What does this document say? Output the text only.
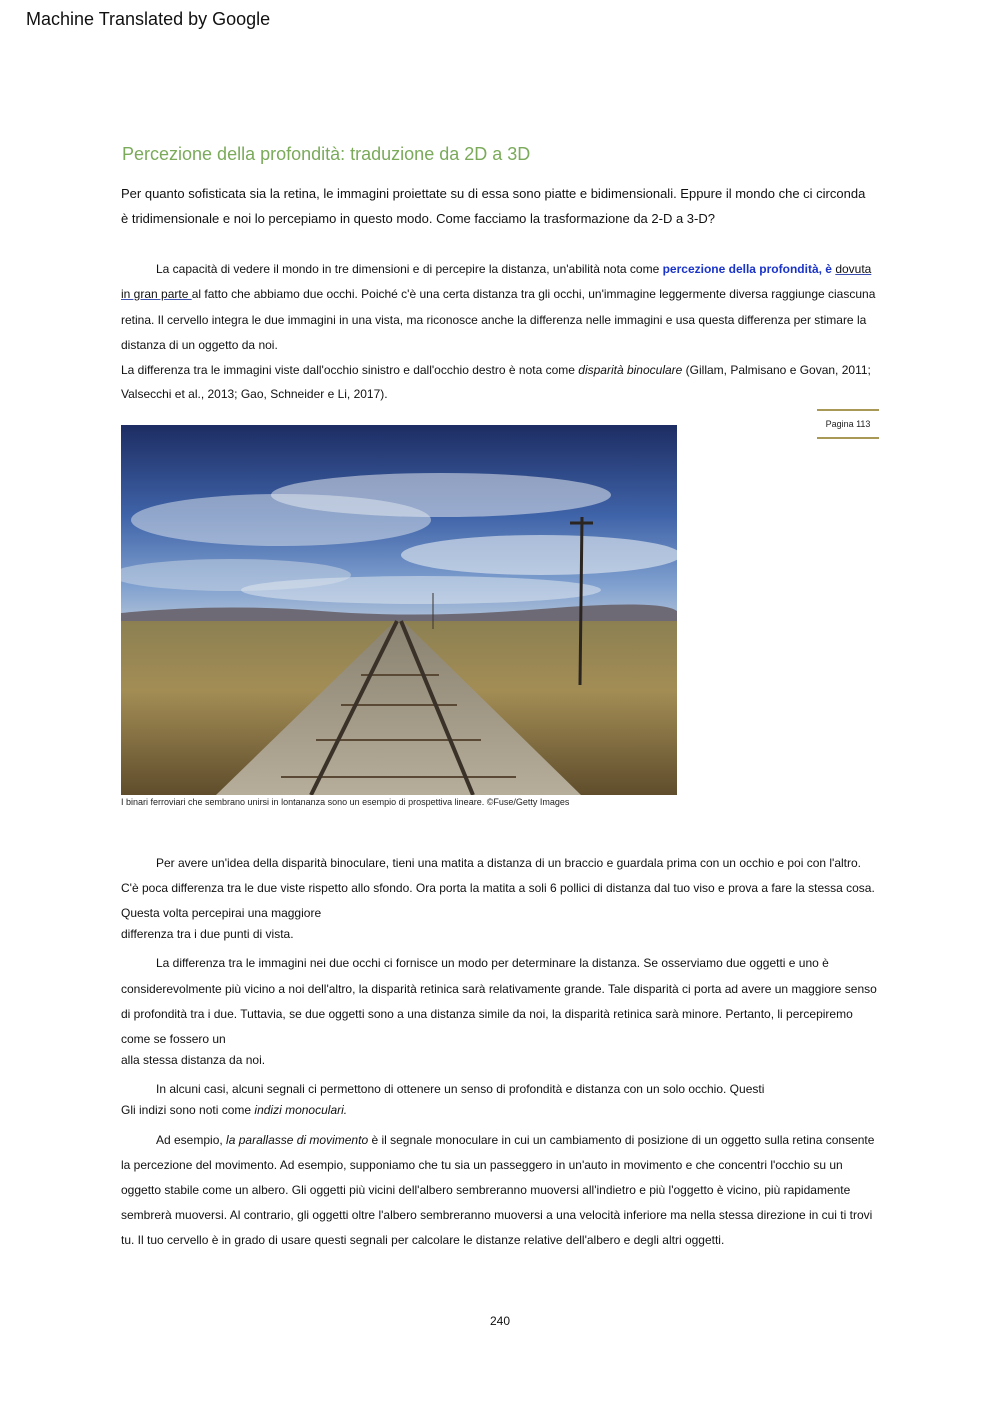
Machine Translated by Google
Percezione della profondità: traduzione da 2D a 3D
Per quanto sofisticata sia la retina, le immagini proiettate su di essa sono piatte e bidimensionali. Eppure il mondo che ci circonda
è tridimensionale e noi lo percepiamo in questo modo. Come facciamo la trasformazione da 2-D a 3-D?
La capacità di vedere il mondo in tre dimensioni e di percepire la distanza, un'abilità nota come percezione della profondità, è dovuta
in gran parte al fatto che abbiamo due occhi. Poiché c'è una certa distanza tra gli occhi, un'immagine leggermente diversa raggiunge ciascuna
retina. Il cervello integra le due immagini in una vista, ma riconosce anche la differenza nelle immagini e usa questa differenza per stimare la
distanza di un oggetto da noi.
La differenza tra le immagini viste dall'occhio sinistro e dall'occhio destro è nota come disparità binoculare (Gillam, Palmisano e Govan, 2011;
Valsecchi et al., 2013; Gao, Schneider e Li, 2017).
Pagina 113
I binari ferroviari che sembrano unirsi in lontananza sono un esempio di prospettiva lineare. ©Fuse/Getty Images
Per avere un'idea della disparità binoculare, tieni una matita a distanza di un braccio e guardala prima con un occhio e poi con l'altro.
C'è poca differenza tra le due viste rispetto allo sfondo. Ora porta la matita a soli 6 pollici di distanza dal tuo viso e prova a fare la stessa cosa.
Questa volta percepirai una maggiore
differenza tra i due punti di vista.
La differenza tra le immagini nei due occhi ci fornisce un modo per determinare la distanza. Se osserviamo due oggetti e uno è
considerevolmente più vicino a noi dell'altro, la disparità retinica sarà relativamente grande. Tale disparità ci porta ad avere un maggiore senso
di profondità tra i due. Tuttavia, se due oggetti sono a una distanza simile da noi, la disparità retinica sarà minore. Pertanto, li percepiremo
come se fossero un
alla stessa distanza da noi.
In alcuni casi, alcuni segnali ci permettono di ottenere un senso di profondità e distanza con un solo occhio. Questi
Gli indizi sono noti come indizi monoculari.
Ad esempio, la parallasse di movimento è il segnale monoculare in cui un cambiamento di posizione di un oggetto sulla retina consente
la percezione del movimento. Ad esempio, supponiamo che tu sia un passeggero in un'auto in movimento e che concentri l'occhio su un
oggetto stabile come un albero. Gli oggetti più vicini dell'albero sembreranno muoversi all'indietro e più l'oggetto è vicino, più rapidamente
sembrerà muoversi. Al contrario, gli oggetti oltre l'albero sembreranno muoversi a una velocità inferiore ma nella stessa direzione in cui ti trovi
tu. Il tuo cervello è in grado di usare questi segnali per calcolare le distanze relative dell'albero e degli altri oggetti.
240
